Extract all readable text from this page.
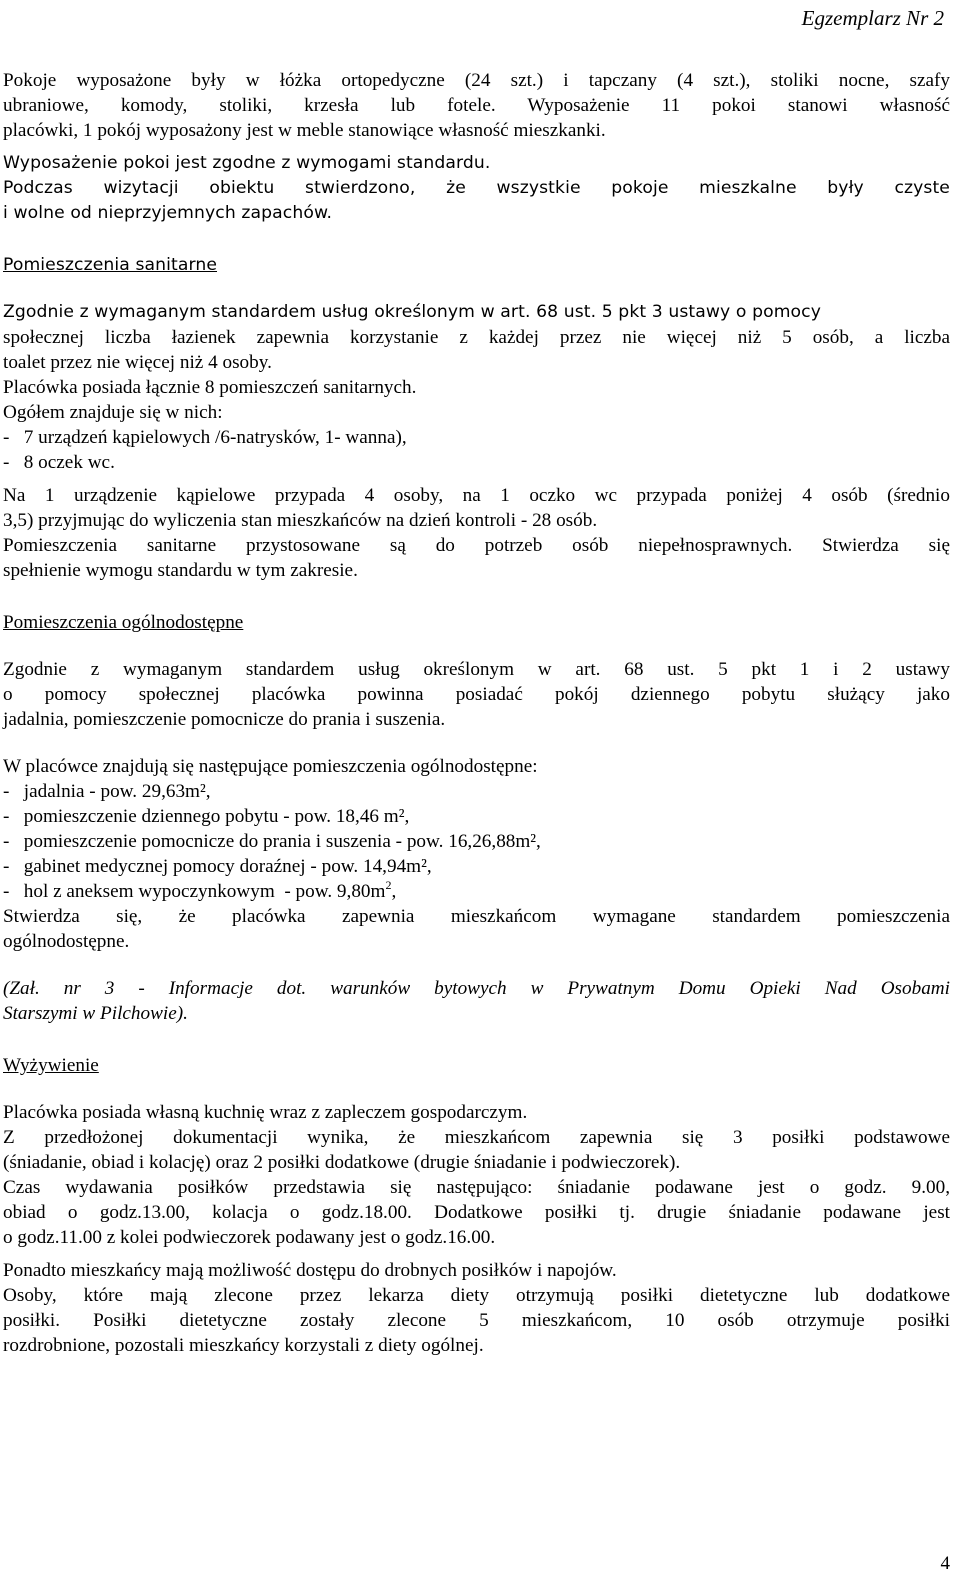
Egzemplarz Nr 2

Pokoje wyposażone były w łóżka ortopedyczne (24 szt.) i tapczany (4 szt.), stoliki nocne, szafy
ubraniowe, komody, stoliki, krzesła lub fotele. Wyposażenie 11 pokoi stanowi własność
placówki, 1 pokój wyposażony jest w meble stanowiące własność mieszkanki.

Wyposażenie pokoi jest zgodne z wymogami standardu.

Podczas wizytacji obiektu stwierdzono, że wszystkie pokoje mieszkalne były czyste
i wolne od nieprzyjemnych zapachów.

Pomieszczenia sanitarne

Zgodnie z wymaganym standardem usług określonym w art. 68 ust. 5 pkt 3 ustawy o pomocy

społecznej liczba łazienek zapewnia korzystanie z każdej przez nie więcej niż 5 osób, a liczba
toalet przez nie więcej niż 4 osoby.

Placówka posiada łącznie 8 pomieszczeń sanitarnych.

Ogółem znajduje się w nich:

-   7 urządzeń kąpielowych /6-natrysków, 1- wanna),
-   8 oczek wc.

Na 1 urządzenie kąpielowe przypada 4 osoby, na 1 oczko wc przypada poniżej 4 osób (średnio
3,5) przyjmując do wyliczenia stan mieszkańców na dzień kontroli - 28 osób.

Pomieszczenia sanitarne przystosowane są do potrzeb osób niepełnosprawnych. Stwierdza się
spełnienie wymogu standardu w tym zakresie.

Pomieszczenia ogólnodostępne

Zgodnie z wymaganym standardem usług określonym w art. 68 ust. 5 pkt 1 i 2 ustawy
o pomocy społecznej placówka powinna posiadać pokój dziennego pobytu służący jako
jadalnia, pomieszczenie pomocnicze do prania i suszenia.

W placówce znajdują się następujące pomieszczenia ogólnodostępne:

-   jadalnia - pow. 29,63m²,
-   pomieszczenie dziennego pobytu - pow. 18,46 m²,
-   pomieszczenie pomocnicze do prania i suszenia - pow. 16,26,88m²,
-   gabinet medycznej pomocy doraźnej - pow. 14,94m²,
-   hol z aneksem wypoczynkowym  - pow. $9,80m^2$,

Stwierdza się, że placówka zapewnia mieszkańcom wymagane standardem pomieszczenia
ogólnodostępne.

(Zał. nr 3 - Informacje dot. warunków bytowych w Prywatnym Domu Opieki Nad Osobami
Starszymi w Pilchowie).

Wyżywienie

Placówka posiada własną kuchnię wraz z zapleczem gospodarczym.

Z przedłożonej dokumentacji wynika, że mieszkańcom zapewnia się 3 posiłki podstawowe
(śniadanie, obiad i kolację) oraz 2 posiłki dodatkowe (drugie śniadanie i podwieczorek).

Czas wydawania posiłków przedstawia się następująco: śniadanie podawane jest o godz. 9.00,
obiad o godz.13.00, kolacja o godz.18.00. Dodatkowe posiłki tj. drugie śniadanie podawane jest
o godz.11.00 z kolei podwieczorek podawany jest o godz.16.00.

Ponadto mieszkańcy mają możliwość dostępu do drobnych posiłków i napojów.

Osoby, które mają zlecone przez lekarza diety otrzymują posiłki dietetyczne lub dodatkowe
posiłki. Posiłki dietetyczne zostały zlecone 5 mieszkańcom, 10 osób otrzymuje posiłki
rozdrobnione, pozostali mieszkańcy korzystali z diety ogólnej.

4
